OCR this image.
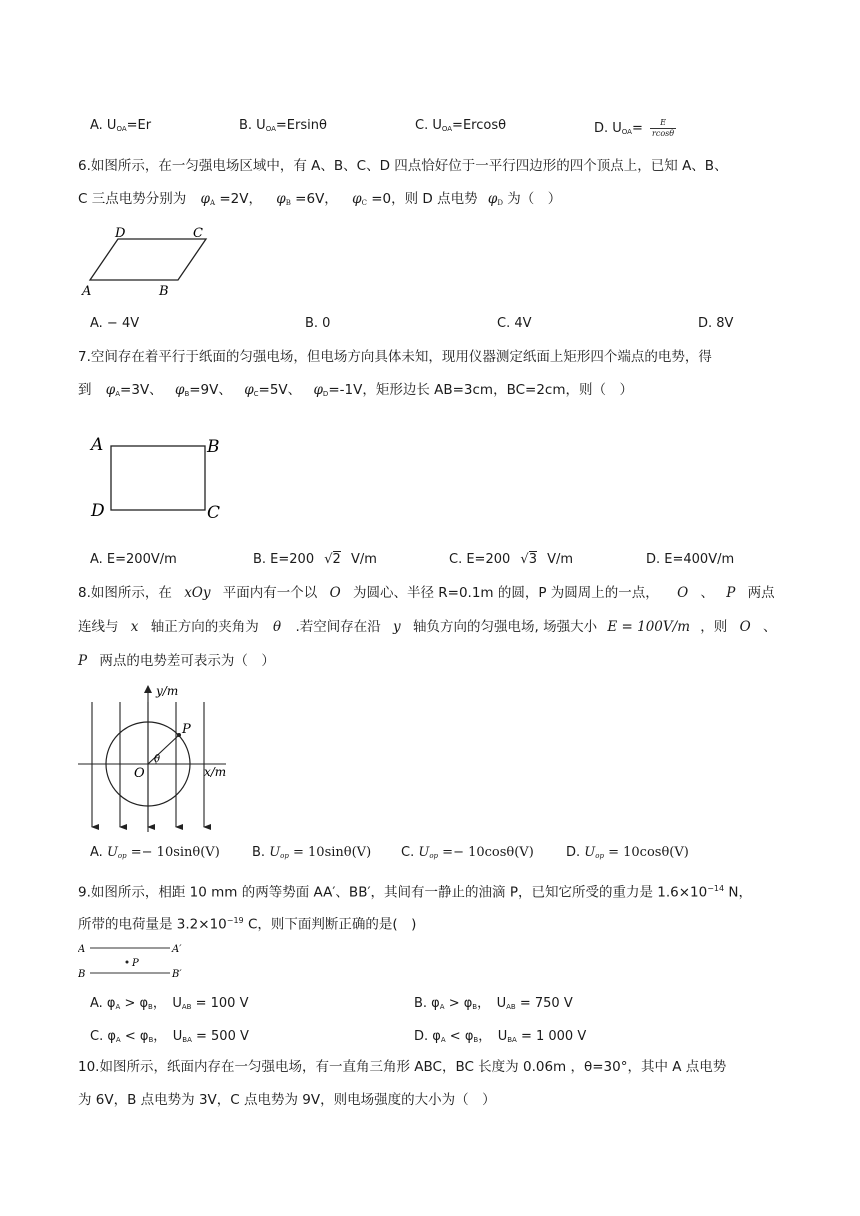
A. $U_{OA}=Er$	B. $U_{OA}=Ersin\theta$	C. $U_{OA}=Ercos\theta$	D. $U_{OA}= \frac{E}{rcos\theta}$
6.如图所示，在一匀强电场区域中，有 A、B、C、D 四点恰好位于一平行四边形的四个顶点上，已知 A、B、
C 三点电势分别为 $\varphi_A =2V$， $\varphi_B =6V$， $\varphi_C =0$，则 D 点电势 $\varphi_D$ 为（　）
D	C
A	B
A. − 4V	B. 0	C. 4V	D. 8V
7.空间存在着平行于纸面的匀强电场，但电场方向具体未知，现用仪器测定纸面上矩形四个端点的电势，得
到 φA=3V、 φB=9V、 φC=5V、 φD=-1V，矩形边长 AB=3cm，BC=2cm，则（　）
A	B
D	C
A. E=200V/m	B. E=200 √2 V/m	C. E=200 √3 V/m	D. E=400V/m
8.如图所示，在 xOy 平面内有一个以 O 为圆心、半径 R=0.1m 的圆，P 为圆周上的一点， O 、 P 两点
连线与 x 轴正方向的夹角为 θ .若空间存在沿 y 轴负方向的匀强电场, 场强大小 E = 100V/m ，则 O 、
P 两点的电势差可表示为（　）
y/m
x/m
O
P
θ
A. $U_{op} =- 10\sin\theta(V)$ B. $U_{op} = 10\sin\theta(V)$ C. $U_{op} =- 10\cos\theta(V)$ D. $U_{op} = 10\cos\theta(V)$
9.如图所示，相距 10 mm 的两等势面 AA′、BB′，其间有一静止的油滴 P，已知它所受的重力是 $1.6\times 10^{-14}$ N，
所带的电荷量是 $3.2\times 10^{-19}$ C，则下面判断正确的是(　)
A	A′
B	B′
P
A. $\varphi_A > \varphi_B$，　$U_{AB} = 100$ V	B. $\varphi_A > \varphi_B$，　$U_{AB} = 750$ V
C. $\varphi_A < \varphi_B$，　$U_{BA} = 500$ V	D. $\varphi_A < \varphi_B$，　$U_{BA} = 1$ 000 V
10.如图所示，纸面内存在一匀强电场，有一直角三角形 ABC，BC 长度为 0.06m ，θ=30°，其中 A 点电势
为 6V，B 点电势为 3V，C 点电势为 9V，则电场强度的大小为（　）
